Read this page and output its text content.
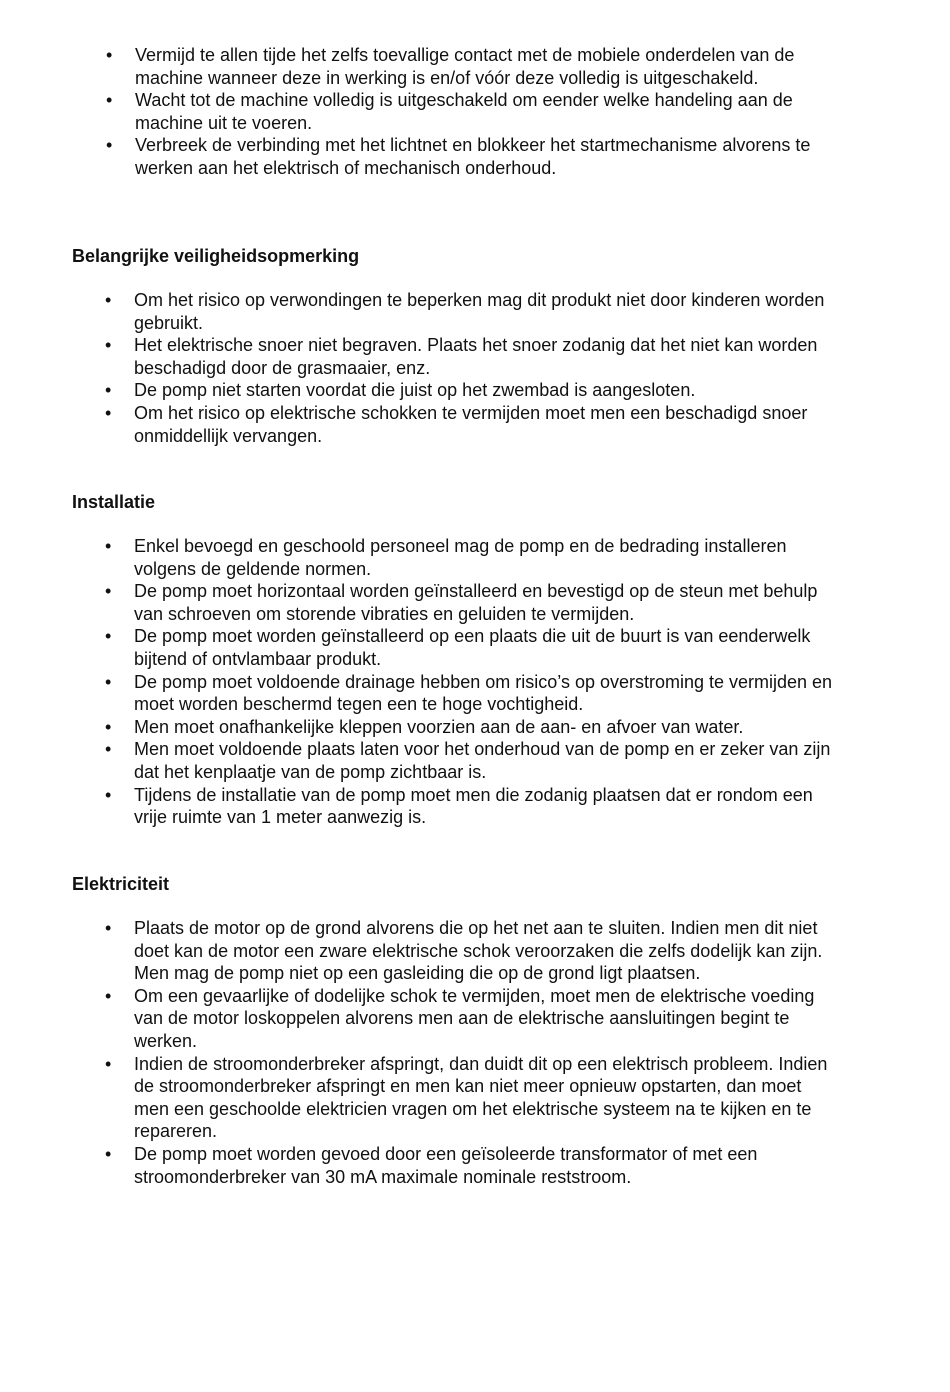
• Vermijd te allen tijde het zelfs toevallige contact met de mobiele onderdelen van de machine wanneer deze in werking is en/of vóór deze volledig is uitgeschakeld.
• Wacht tot de machine volledig is uitgeschakeld om eender welke handeling aan de machine uit te voeren.
• Verbreek de verbinding met het lichtnet en blokkeer het startmechanisme alvorens te werken aan het elektrisch of mechanisch onderhoud.
Belangrijke veiligheidsopmerking
• Om het risico op verwondingen te beperken mag dit produkt niet door kinderen worden gebruikt.
• Het elektrische snoer niet begraven. Plaats het snoer zodanig dat het niet kan worden beschadigd door de grasmaaier, enz.
• De pomp niet starten voordat die juist op het zwembad is aangesloten.
• Om het risico op elektrische schokken te vermijden moet men een beschadigd snoer onmiddellijk vervangen.
Installatie
• Enkel bevoegd en geschoold personeel mag de pomp en de bedrading installeren volgens de geldende normen.
• De pomp moet horizontaal worden geïnstalleerd en bevestigd op de steun met behulp van schroeven om storende vibraties en geluiden te vermijden.
• De pomp moet worden geïnstalleerd op een plaats die uit de buurt is van eenderwelk bijtend of ontvlambaar produkt.
• De pomp moet voldoende drainage hebben om risico’s op overstroming te vermijden en moet worden beschermd tegen een te hoge vochtigheid.
• Men moet onafhankelijke kleppen voorzien aan de aan- en afvoer van water.
• Men moet voldoende plaats laten voor het onderhoud van de pomp en er zeker van zijn dat het kenplaatje van de pomp zichtbaar is.
• Tijdens de installatie van de pomp moet men die zodanig plaatsen dat er rondom een vrije ruimte van 1 meter aanwezig is.
Elektriciteit
• Plaats de motor op de grond alvorens die op het net aan te sluiten. Indien men dit niet doet kan de motor een zware elektrische schok veroorzaken die zelfs dodelijk kan zijn. Men mag de pomp niet op een gasleiding die op de grond ligt plaatsen.
• Om een gevaarlijke of dodelijke schok te vermijden, moet men de elektrische voeding van de motor loskoppelen alvorens men aan de elektrische aansluitingen begint te werken.
• Indien de stroomonderbreker afspringt, dan duidt dit op een elektrisch probleem. Indien de stroomonderbreker afspringt en men kan niet meer opnieuw opstarten, dan moet men een geschoolde elektricien vragen om het elektrische systeem na te kijken en te repareren.
• De pomp moet worden gevoed door een geïsoleerde transformator of met een stroomonderbreker van 30 mA maximale nominale reststroom.
